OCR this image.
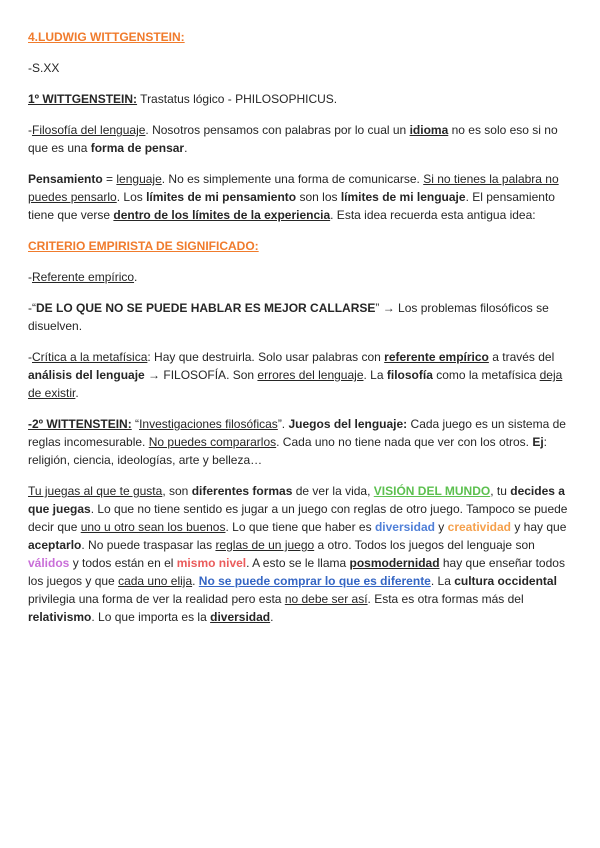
4.LUDWIG WITTGENSTEIN:

-S.XX

1º WITTGENSTEIN: Trastatus lógico - PHILOSOPHICUS.

-Filosofía del lenguaje. Nosotros pensamos con palabras por lo cual un idioma no es solo eso si no que es una forma de pensar.

Pensamiento = lenguaje. No es simplemente una forma de comunicarse. Si no tienes la palabra no puedes pensarlo. Los límites de mi pensamiento son los límites de mi lenguaje. El pensamiento tiene que verse dentro de los límites de la experiencia. Esta idea recuerda esta antigua idea:

CRITERIO EMPIRISTA DE SIGNIFICADO:

-Referente empírico.

-“DE LO QUE NO SE PUEDE HABLAR ES MEJOR CALLARSE” → Los problemas filosóficos se disuelven.

-Crítica a la metafísica: Hay que destruirla. Solo usar palabras con referente empírico a través del análisis del lenguaje → FILOSOFÍA. Son errores del lenguaje. La filosofía como la metafísica deja de existir.

-2º WITTENSTEIN: “Investigaciones filosóficas”. Juegos del lenguaje: Cada juego es un sistema de reglas incomesurable. No puedes compararlos. Cada uno no tiene nada que ver con los otros. Ej: religión, ciencia, ideologías, arte y belleza…

Tu juegas al que te gusta, son diferentes formas de ver la vida, VISIÓN DEL MUNDO, tu decides a que juegas. Lo que no tiene sentido es jugar a un juego con reglas de otro juego. Tampoco se puede decir que uno u otro sean los buenos. Lo que tiene que haber es diversidad y creatividad y hay que aceptarlo. No puede traspasar las reglas de un juego a otro. Todos los juegos del lenguaje son válidos y todos están en el mismo nivel. A esto se le llama posmodernidad hay que enseñar todos los juegos y que cada uno elija. No se puede comprar lo que es diferente. La cultura occidental privilegia una forma de ver la realidad pero esta no debe ser así. Esta es otra formas más del relativismo. Lo que importa es la diversidad.
